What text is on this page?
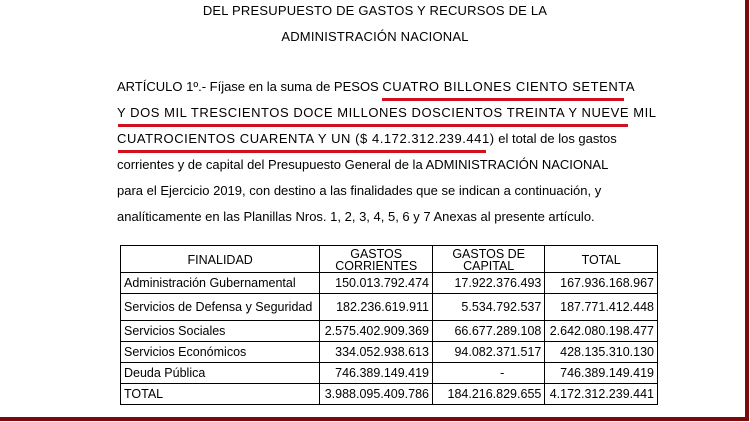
DEL PRESUPUESTO DE GASTOS Y RECURSOS DE LA
ADMINISTRACIÓN NACIONAL
ARTÍCULO 1º.- Fíjase en la suma de PESOS CUATRO BILLONES CIENTO SETENTA
Y DOS MIL TRESCIENTOS DOCE MILLONES DOSCIENTOS TREINTA Y NUEVE MIL
CUATROCIENTOS CUARENTA Y UN ($ 4.172.312.239.441) el total de los gastos
corrientes y de capital del Presupuesto General de la ADMINISTRACIÓN NACIONAL
para el Ejercicio 2019, con destino a las finalidades que se indican a continuación, y
analíticamente en las Planillas Nros. 1, 2, 3, 4, 5, 6 y 7 Anexas al presente artículo.
FINALIDAD	GASTOS CORRIENTES	GASTOS DE CAPITAL	TOTAL
Administración Gubernamental	150.013.792.474	17.922.376.493	167.936.168.967
Servicios de Defensa y Seguridad	182.236.619.911	5.534.792.537	187.771.412.448
Servicios Sociales	2.575.402.909.369	66.677.289.108	2.642.080.198.477
Servicios Económicos	334.052.938.613	94.082.371.517	428.135.310.130
Deuda Pública	746.389.149.419	-	746.389.149.419
TOTAL	3.988.095.409.786	184.216.829.655	4.172.312.239.441
